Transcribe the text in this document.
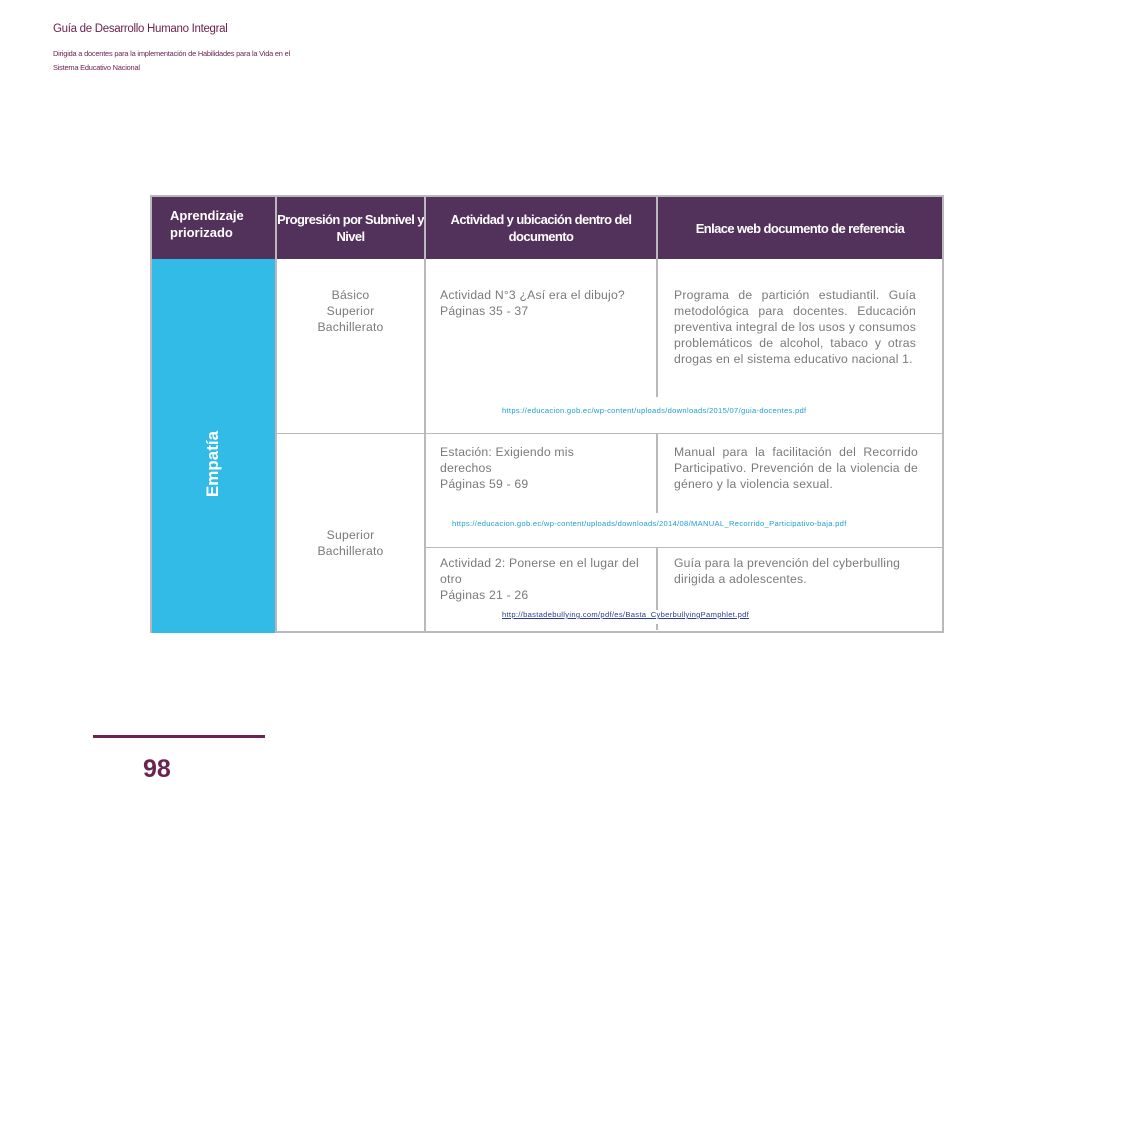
Guía de Desarrollo Humano Integral
Dirigida a docentes para la implementación de Habilidades para la Vida en el Sistema Educativo Nacional
Aprendizaje priorizado
Progresión por Subnivel y Nivel
Actividad y ubicación dentro del documento
Enlace web documento de referencia
Empatía
Básico
Superior
Bachillerato
Actividad N°3 ¿Así era el dibujo?
Páginas 35 - 37
Programa de partición estudiantil. Guía metodológica para docentes. Educación preventiva integral de los usos y consumos problemáticos de alcohol, tabaco y otras drogas en el sistema educativo nacional 1.
https://educacion.gob.ec/wp-content/uploads/downloads/2015/07/guia-docentes.pdf
Superior
Bachillerato
Estación: Exigiendo mis derechos
Páginas 59 - 69
Manual para la facilitación del Recorrido Participativo. Prevención de la violencia de género y la violencia sexual.
https://educacion.gob.ec/wp-content/uploads/downloads/2014/08/MANUAL_Recorrido_Participativo-baja.pdf
Actividad 2: Ponerse en el lugar del otro
Páginas 21 - 26
Guía para la prevención del cyberbulling dirigida a adolescentes.
http://bastadebullying.com/pdf/es/Basta_CyberbullyingPamphlet.pdf
98
